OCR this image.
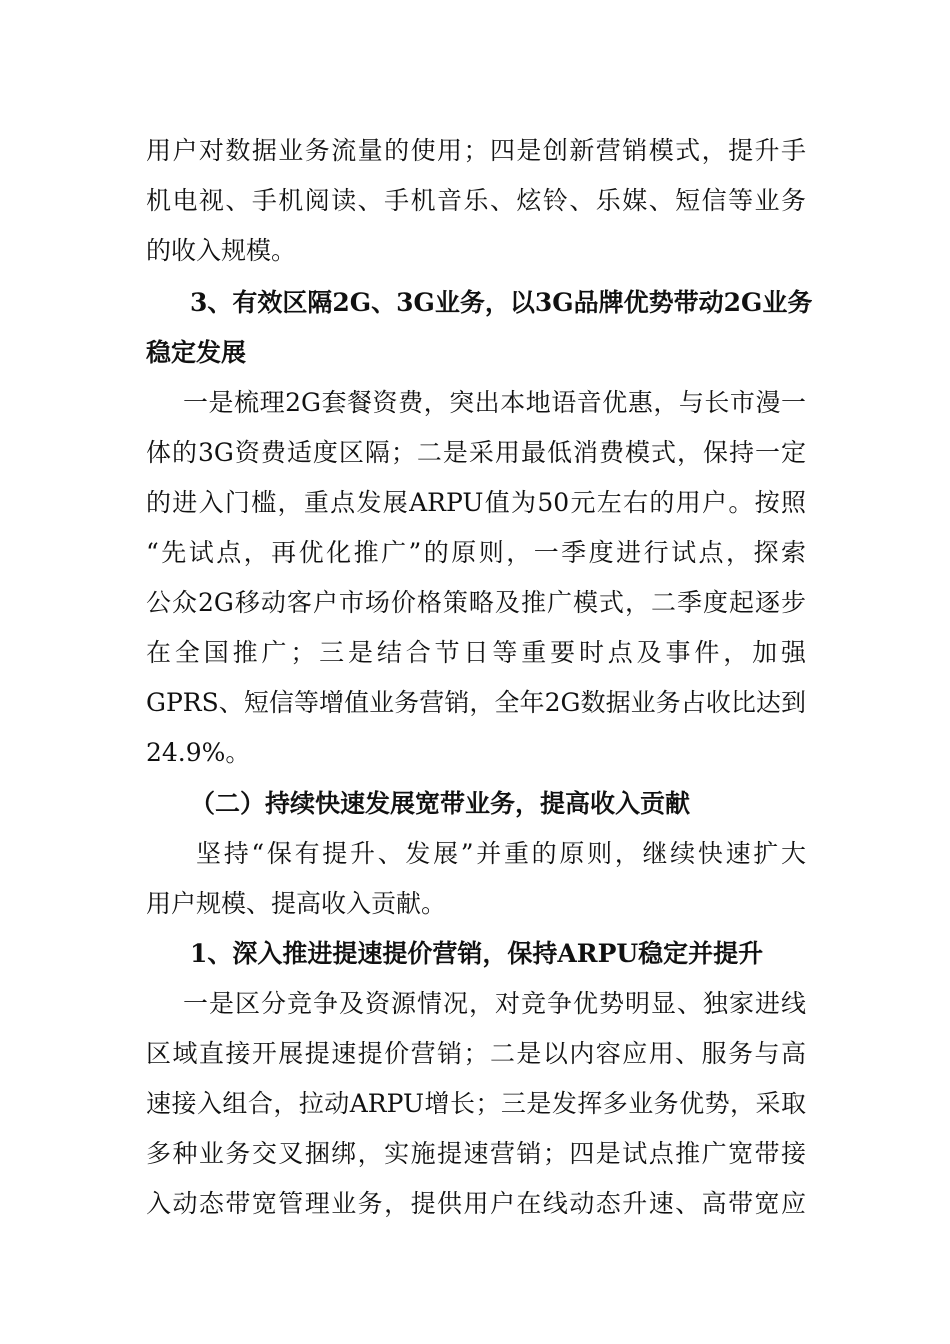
用户对数据业务流量的使用；四是创新营销模式，提升手
机电视、手机阅读、手机音乐、炫铃、乐媒、短信等业务
的收入规模。
3、有效区隔2G、3G业务，以3G品牌优势带动2G业务
稳定发展
一是梳理2G套餐资费，突出本地语音优惠，与长市漫一
体的3G资费适度区隔；二是采用最低消费模式，保持一定
的进入门槛，重点发展ARPU值为50元左右的用户。按照
“先试点，再优化推广”的原则，一季度进行试点，探索
公众2G移动客户市场价格策略及推广模式，二季度起逐步
在全国推广；三是结合节日等重要时点及事件，加强
GPRS、短信等增值业务营销，全年2G数据业务占收比达到
24.9%。
（二）持续快速发展宽带业务，提高收入贡献
坚持“保有提升、发展”并重的原则，继续快速扩大
用户规模、提高收入贡献。
1、深入推进提速提价营销，保持ARPU稳定并提升
一是区分竞争及资源情况，对竞争优势明显、独家进线
区域直接开展提速提价营销；二是以内容应用、服务与高
速接入组合，拉动ARPU增长；三是发挥多业务优势，采取
多种业务交叉捆绑，实施提速营销；四是试点推广宽带接
入动态带宽管理业务，提供用户在线动态升速、高带宽应
